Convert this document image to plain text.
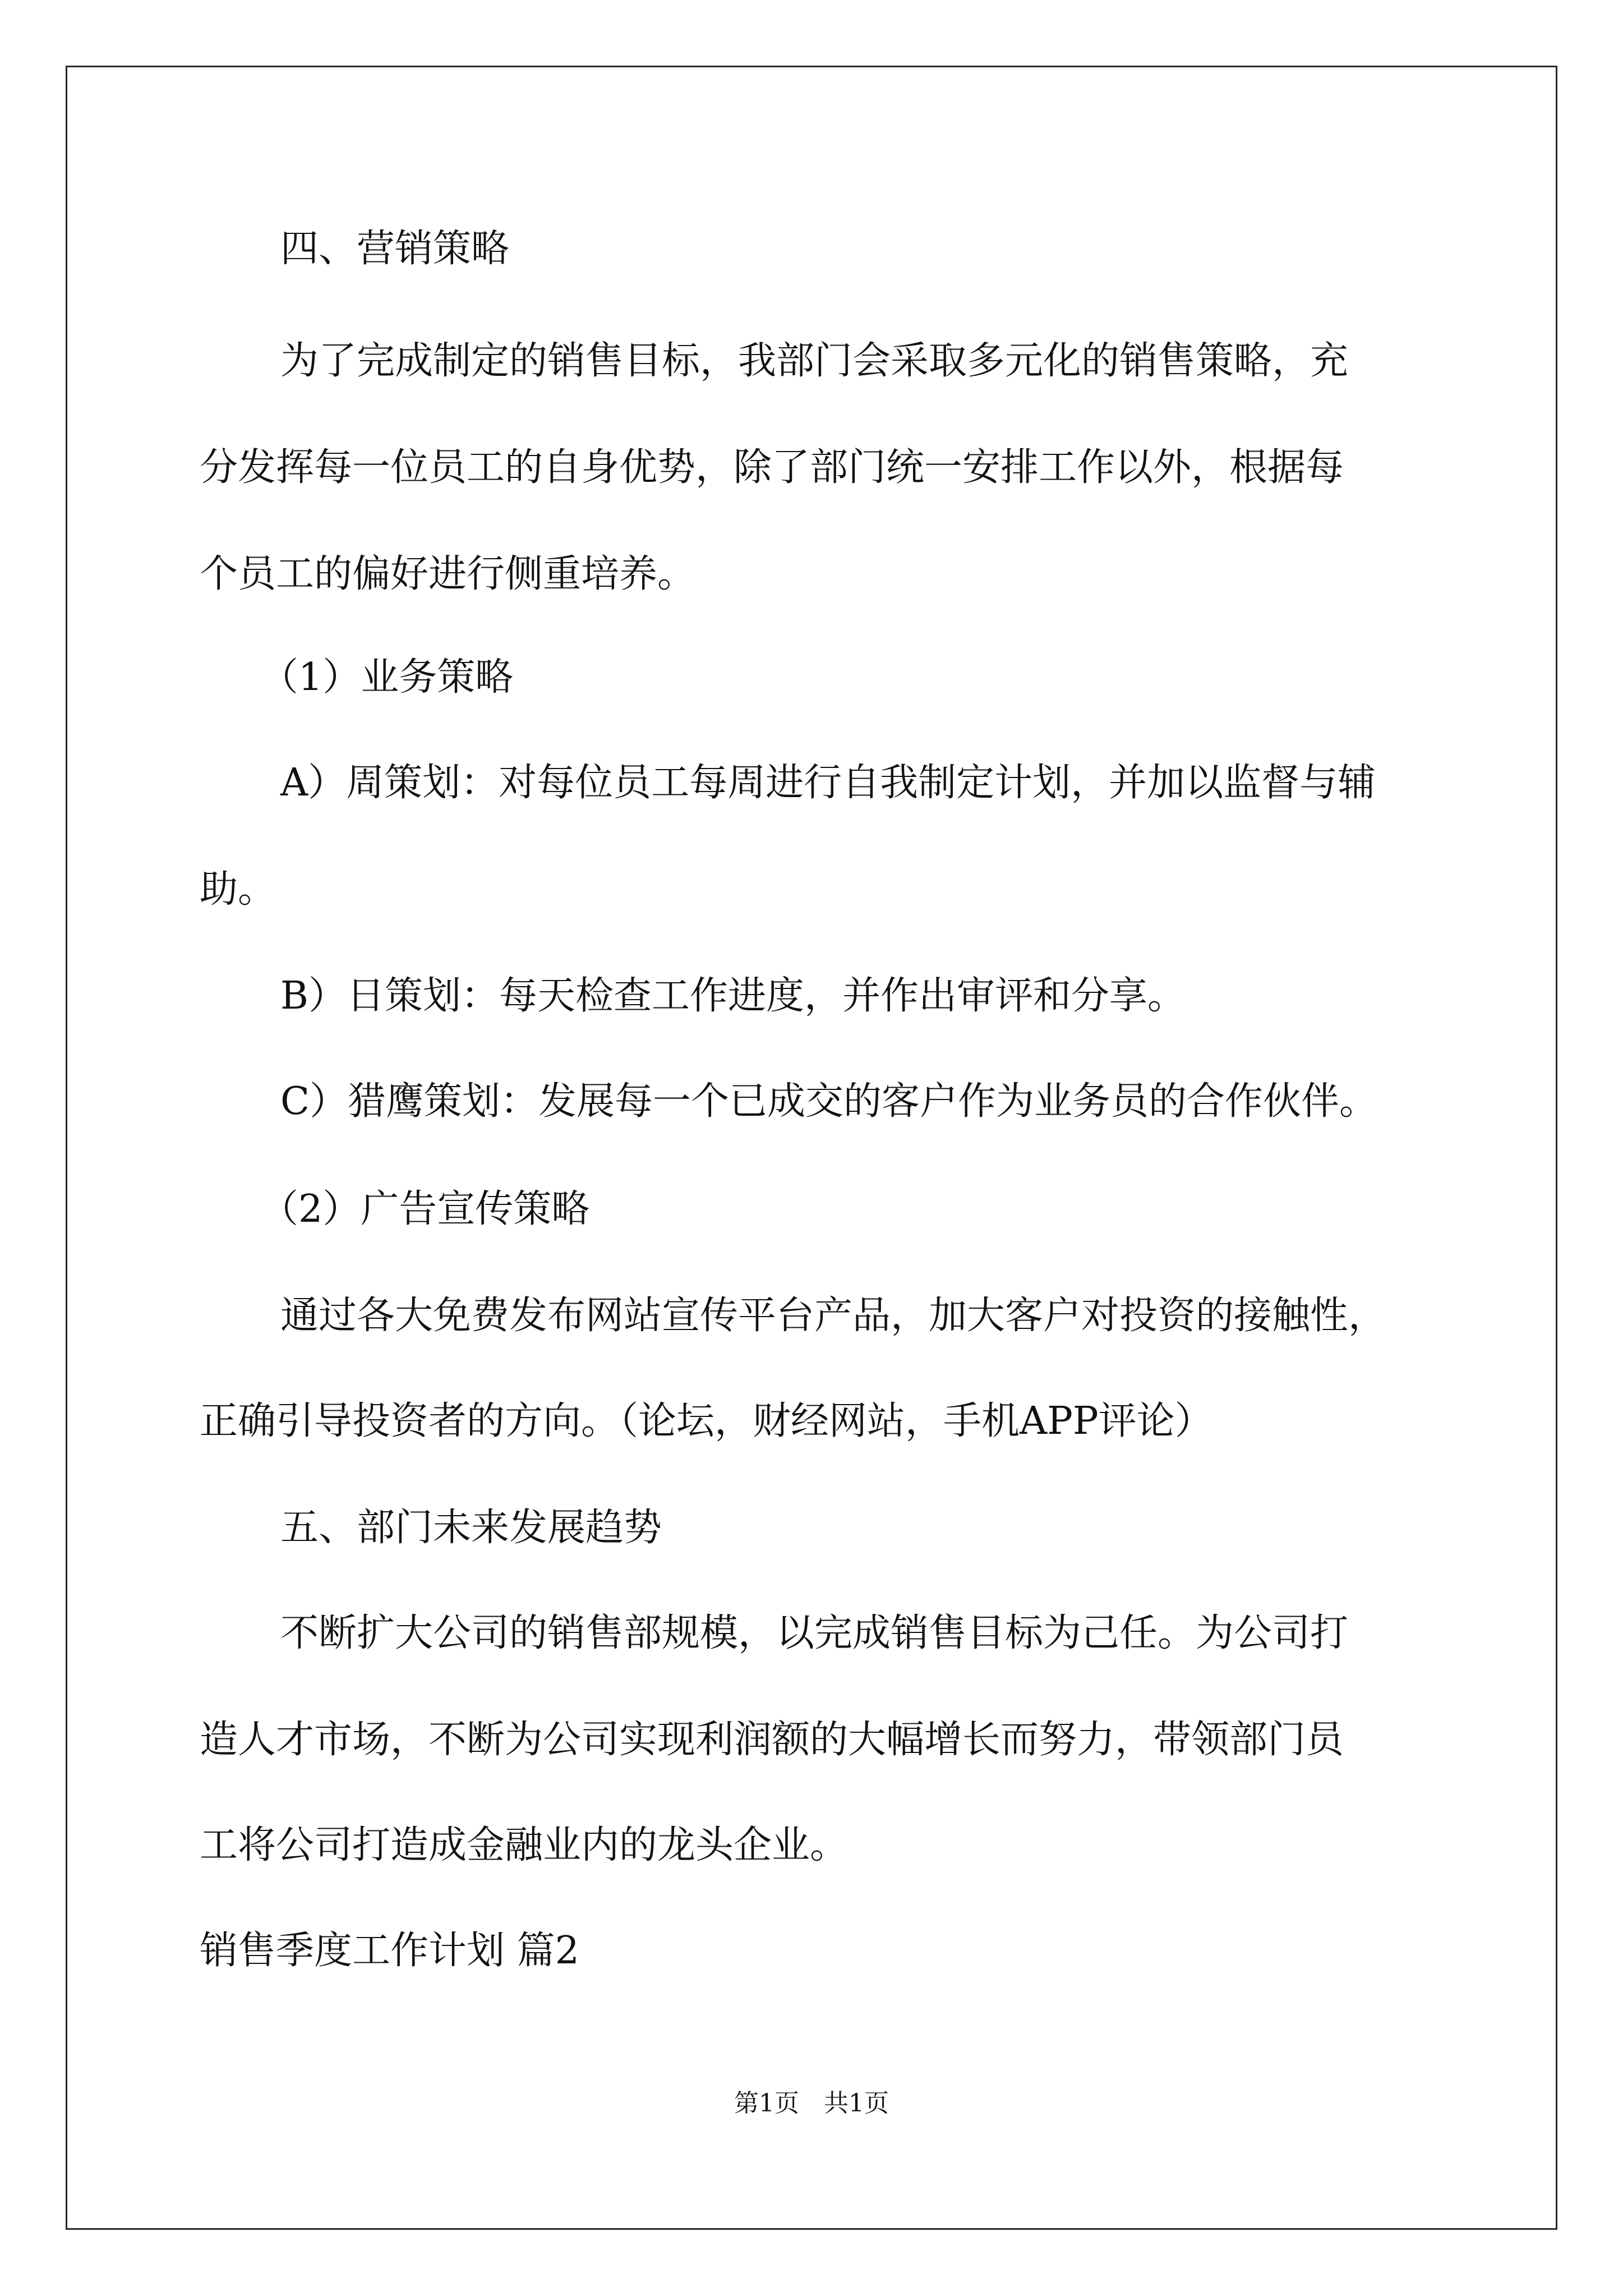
四、营销策略
为了完成制定的销售目标，我部门会采取多元化的销售策略，充
分发挥每一位员工的自身优势，除了部门统一安排工作以外，根据每
个员工的偏好进行侧重培养。
（1）业务策略
A）周策划：对每位员工每周进行自我制定计划，并加以监督与辅
助。
B）日策划：每天检查工作进度，并作出审评和分享。
C）猎鹰策划：发展每一个已成交的客户作为业务员的合作伙伴。
（2）广告宣传策略
通过各大免费发布网站宣传平台产品，加大客户对投资的接触性，
正确引导投资者的方向。（论坛，财经网站，手机APP评论）
五、部门未来发展趋势
不断扩大公司的销售部规模，以完成销售目标为己任。为公司打
造人才市场，不断为公司实现利润额的大幅增长而努力，带领部门员
工将公司打造成金融业内的龙头企业。
销售季度工作计划 篇2
第1页　共1页
